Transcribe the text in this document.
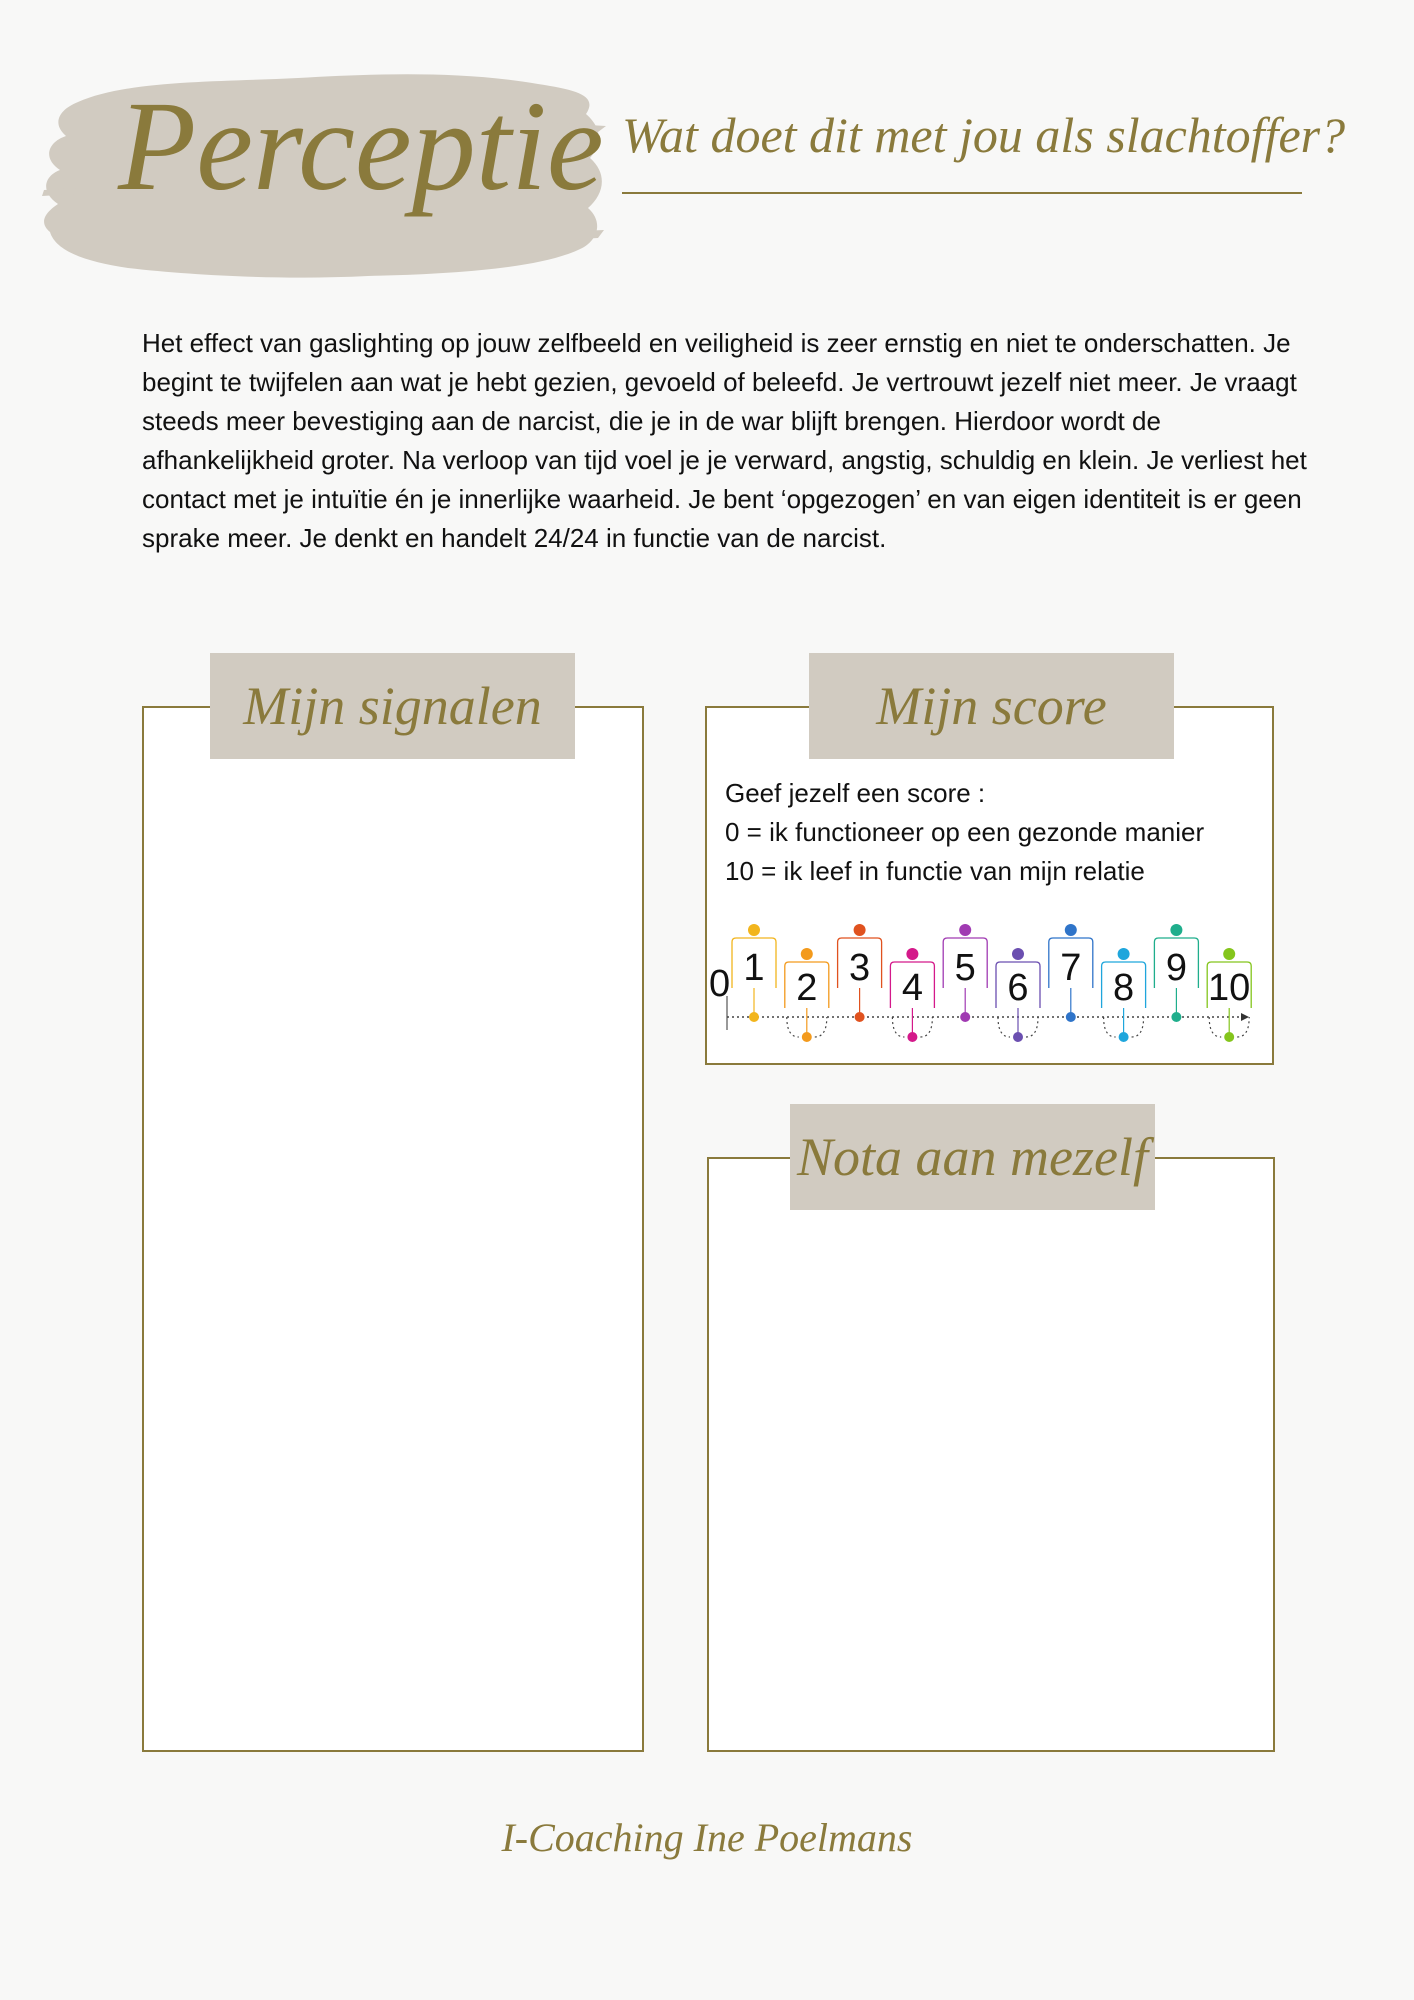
Perceptie Wat doet dit met jou als slachtoffer?

Het effect van gaslighting op jouw zelfbeeld en veiligheid is zeer ernstig en niet te onderschatten. Je begint te twijfelen aan wat je hebt gezien, gevoeld of beleefd. Je vertrouwt jezelf niet meer. Je vraagt steeds meer bevestiging aan de narcist, die je in de war blijft brengen. Hierdoor wordt de afhankelijkheid groter. Na verloop van tijd voel je je verward, angstig, schuldig en klein. Je verliest het contact met je intuïtie én je innerlijke waarheid. Je bent ‘opgezogen’ en van eigen identiteit is er geen sprake meer. Je denkt en handelt 24/24 in functie van de narcist.

Mijn signalen
Geef jezelf een score :
0 = ik functioneer op een gezonde manier
10 = ik leef in functie van mijn relatie
0 1 2 3 4 5 6 7 8 9 10
Mijn score
Nota aan mezelf
I-Coaching Ine Poelmans
